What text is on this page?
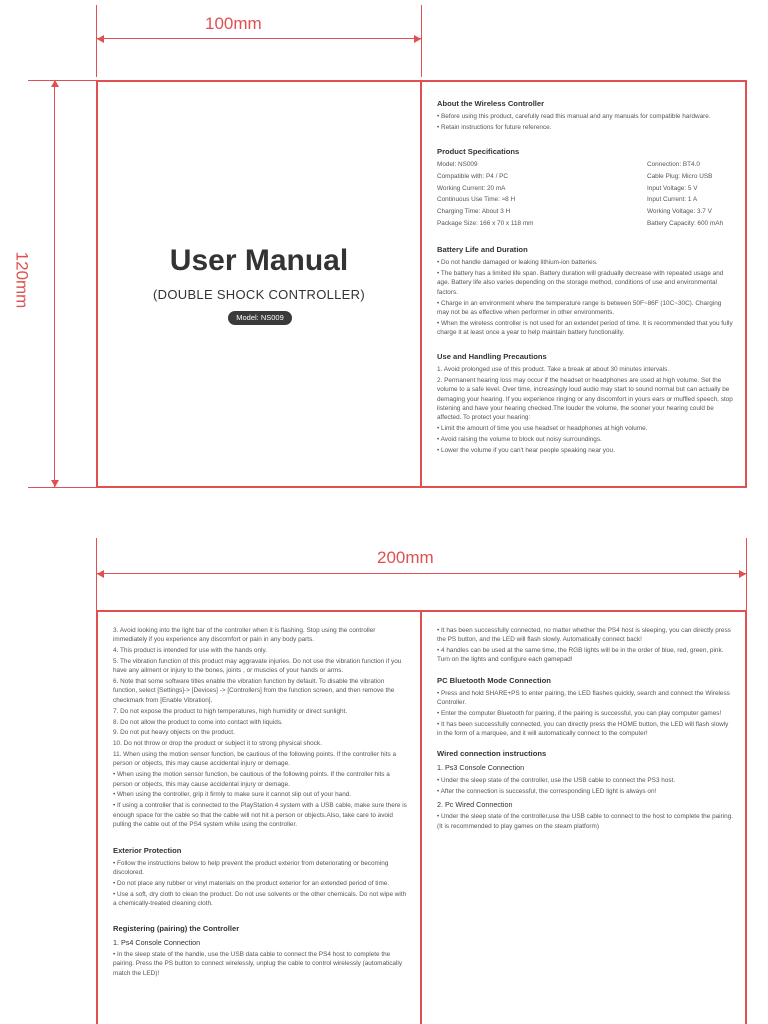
100mm
120mm	User Manual
(DOUBLE SHOCK CONTROLLER)
Model: NS009
About the Wireless Controller

• Before using this product, carefully read this manual and any manuals for compatible hardware.

• Retain instructions for future reference.

Product Specifications

Model: NS009

Compatible with: P4 / PC

Working Current: 20 mA

Continuous Use Time: ≈8 H

Charging Time: About 3 H

Package Size: 166 x 70 x 118 mm

Connection: BT4.0

Cable Plug: Micro USB

Input Voltage: 5 V

Input Current: 1 A

Working Voltage: 3.7 V

Battery Capacity: 600 mAh

Battery Life and Duration

• Do not handle damaged or leaking lithium-ion batteries.

• The battery has a limited life span. Battery duration will gradually decrease with repeated usage and age. Battery life also varies depending on the storage method, conditions of use and environmental factors.

• Charge in an environment where the temperature range is between 50F~86F (10C~30C). Charging may not be as effective when performer in other environments.

• When the wireless controller is not used for an extendet period of time. It is recommended that you fully charge it at least once a year to help maintain battery functionality.

Use and Handling Precautions

1. Avoid prolonged use of this product. Take a break at about 30 minutes intervals.

2. Permanent hearing loss may occur if the headset or headphones are used at high volume. Set the volume to a safe level. Over time, increasingly loud audio may start to sound normal but can actually be demaging your hearing. If you experience ringing or any discomfort in yours ears or muffled speech, stop listening and have your hearing checked.The louder the volume, the sooner your hearing could be affected. To protect your hearing:

• Limit the amount of time you use headset or headphones at high volume.

• Avoid raising the volume to block out noisy surroundings.

• Lower the volume if you can't hear people speaking near you.

200mm

3. Avoid looking into the light bar of the controller when it is flashing. Stop using the controller immediately if you experience any discomfort or pain in any body parts.

4. This product is intended for use with the hands only.

5. The vibration function of this product may aggravate injuries. Do not use the vibration function if you have any ailment or injury to the bones, joints , or muscles of your hands or arms.

6. Note that some software titles enable the vibration function by default. To disable the vibration function, select [Settings]-> [Devices] -> [Controllers] from the function screen, and then remove the checkmark from [Enable Vibration].

7. Do not expose the product to high temperatures, high humidity or direct sunlight.

8. Do not allow the product to come into contact with liquids.

9. Do not put heavy objects on the product.

10. Do not throw or drop the product or subject it to strong physical shock.

11. When using the motion sensor function, be cautious of the following points. If the controller hits a person or objects, this may cause accidental injury or demage.

• When using the motion sensor function, be cautious of the following points. If the controller hits a person or objects, this may cause accidental injury or demage.

• When using the controller, grip it firmly to make sure it cannot slip out of your hand.

• If using a controller that is connected to the PlayStation 4 system with a USB cable, make sure there is enough space for the cable so that the cable will not hit a person or objects.Also, take care to avoid pulling the cable out of the PS4 system while using the controller.

Exterior Protection

• Follow the instructions below to help prevent the product exterior from deteriorating or becoming discolored.

• Do not place any rubber or vinyl materials on the product exterior for an extended period of time.

• Use a soft, dry cloth to clean the product. Do not use solvents or the other chemicals. Do not wipe with a chemically-treated cleaning cloth.

Registering (pairing) the Controller
1. Ps4 Console Connection

• In the sleep state of the handle, use the USB data cable to connect the PS4 host to complete the pairing. Press the PS button to connect wirelessly, unplug the cable to control wirelessly (automatically match the LED)!

• It has been successfully connected, no matter whether the PS4 host is sleeping, you can directly press the PS button, and the LED will flash slowly. Automatically connect back!

• 4 handles can be used at the same time, the RGB lights will be in the order of blue, red, green, pink. Turn on the lights and configure each gamepad!

PC Bluetooth Mode Connection

• Press and hold SHARE+PS to enter pairing, the LED flashes quickly, search and connect the Wireless Controller.

• Enter the computer Bluetooth for pairing, if the pairing is successful, you can play computer games!

• It has been successfully connected, you can directly press the HOME button, the LED will flash slowly in the form of a marquee, and it will automatically connect to the computer!

Wired connection instructions
1. Ps3 Console Connection

• Under the sleep state of the controller, use the USB cable to connect the PS3 host.

• After the connection is successful, the corresponding LED light is always on!

2. Pc Wired Connection

• Under the sleep state of the controller,use the USB cable to connect to the host to complete the pairing. (It is recommended to play games on the steam platform)
